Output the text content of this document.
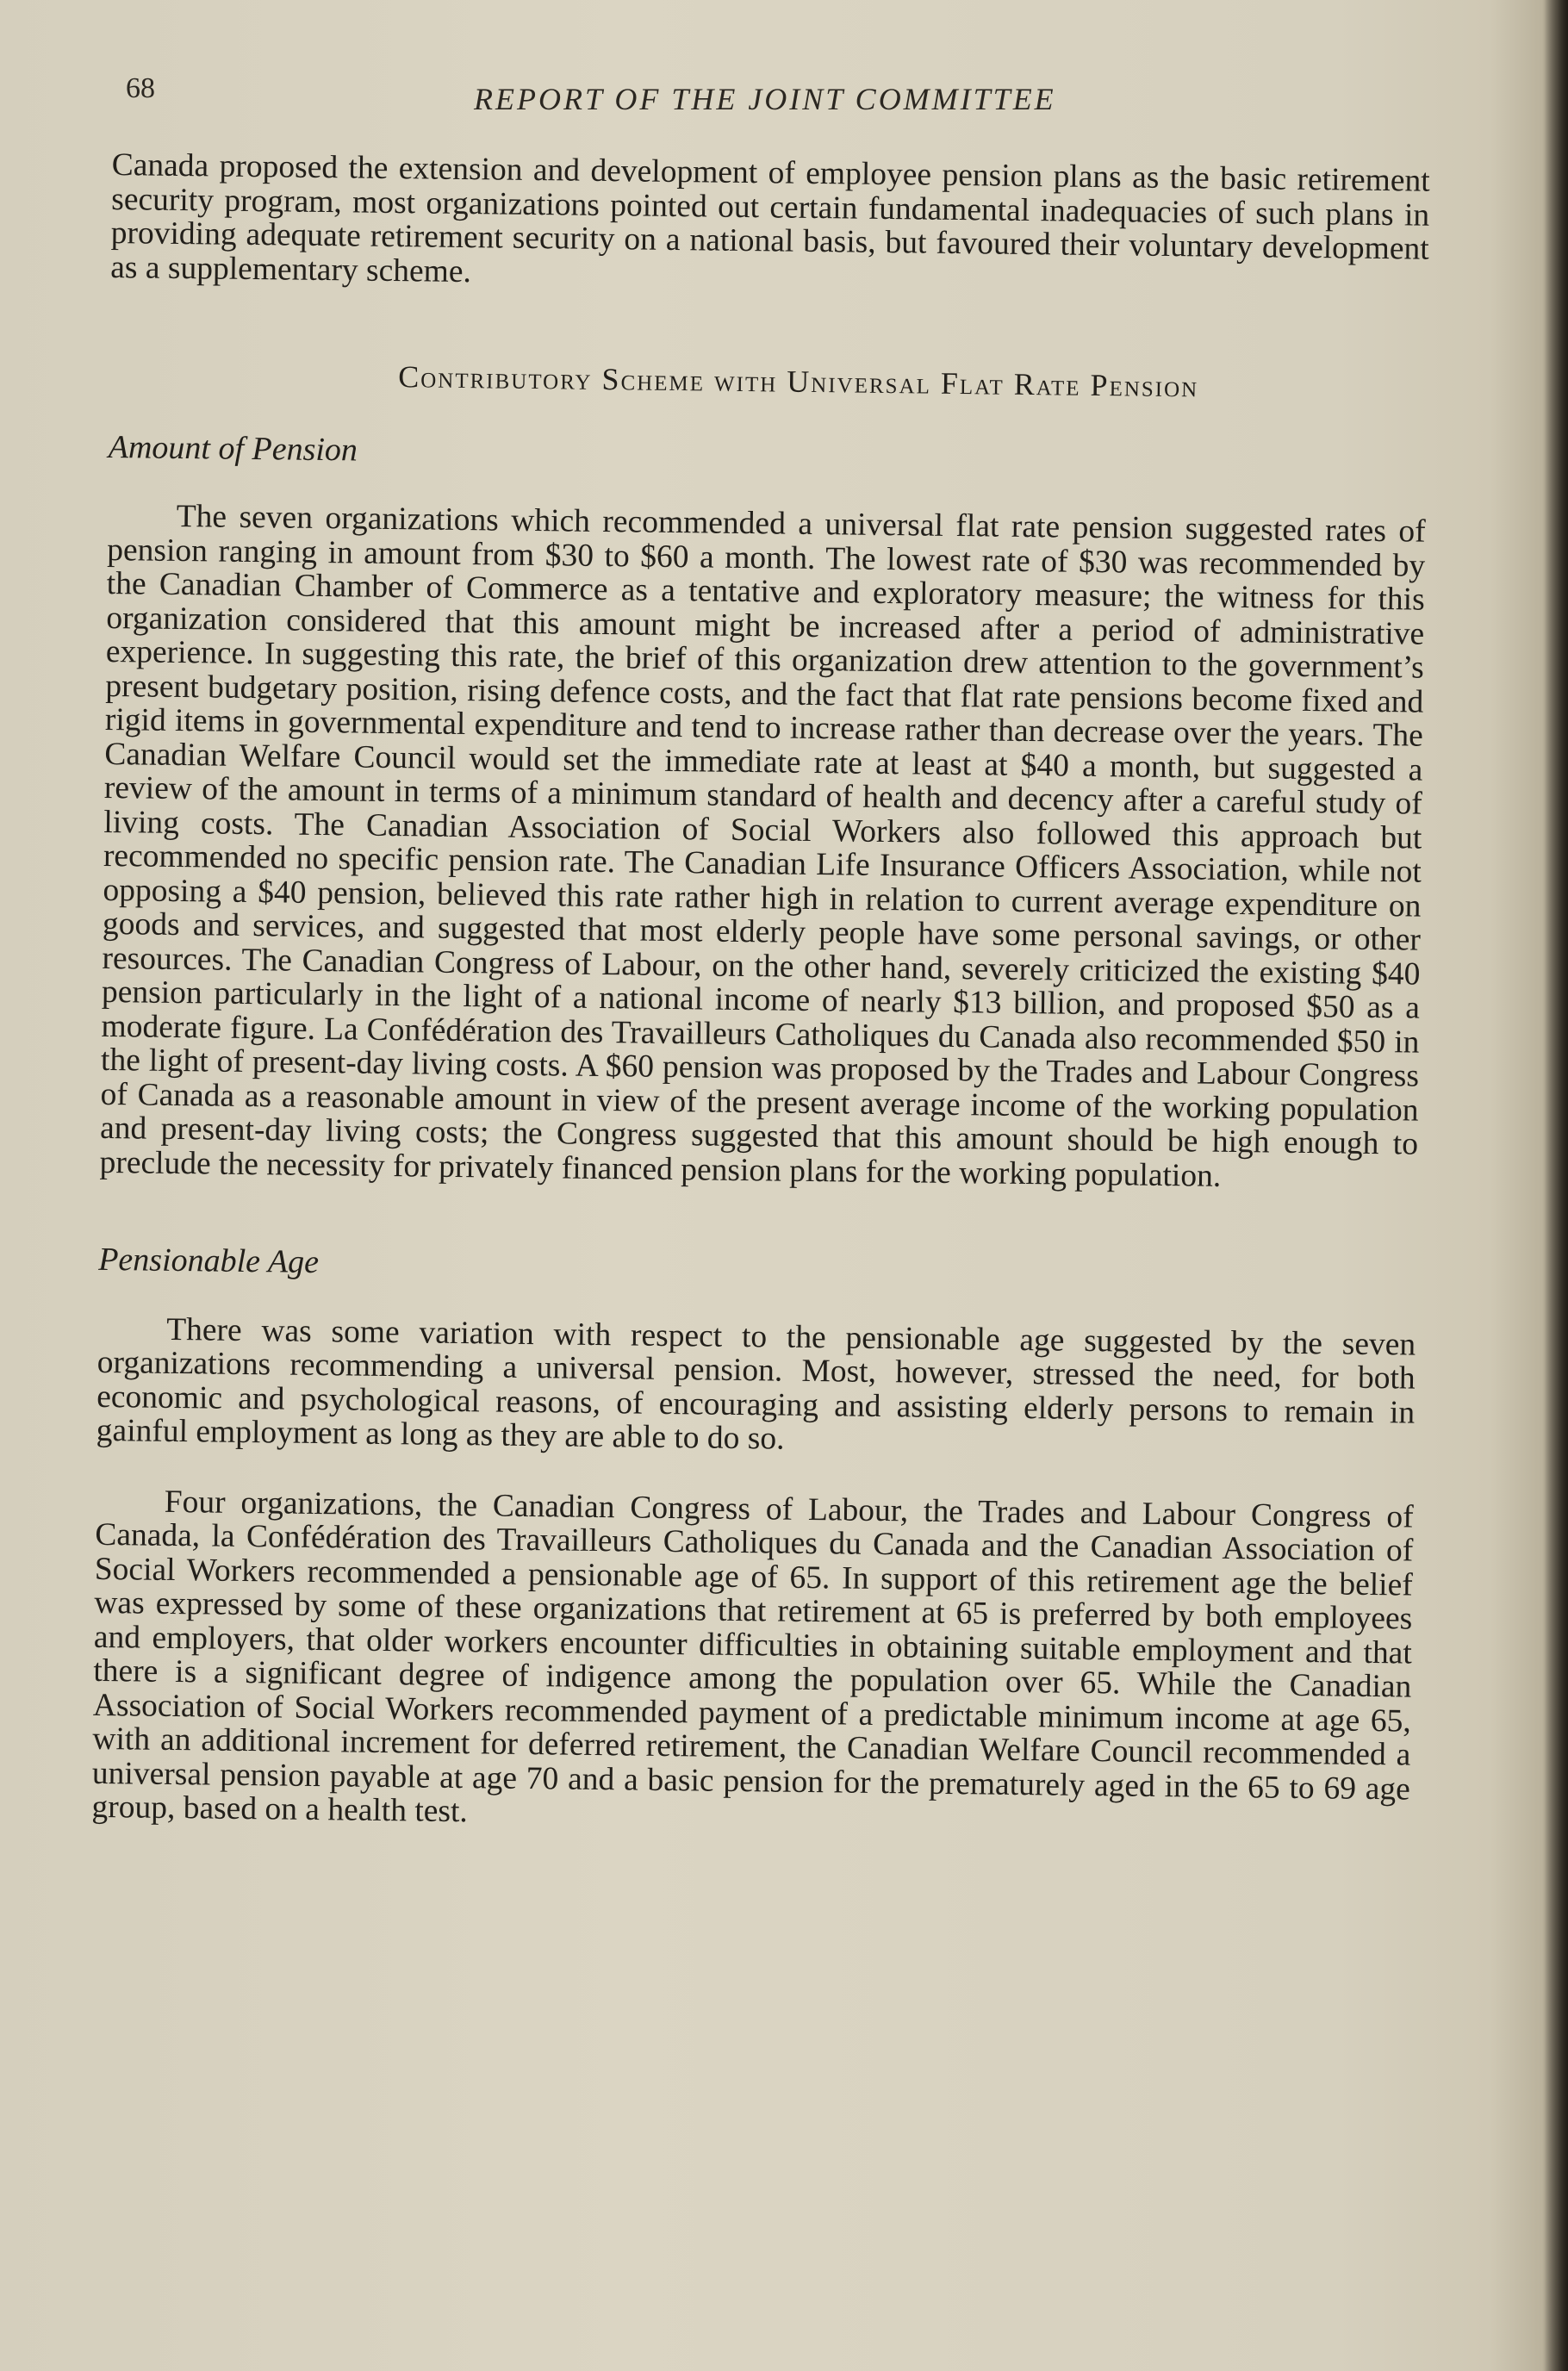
68	REPORT OF THE JOINT COMMITTEE

Canada proposed the extension and development of employee pension plans as the basic retirement security program, most organizations pointed out certain fundamental inadequacies of such plans in providing adequate retirement security on a national basis, but favoured their voluntary development as a supplementary scheme.

Contributory Scheme with Universal Flat Rate Pension
Amount of Pension

The seven organizations which recommended a universal flat rate pension suggested rates of pension ranging in amount from $30 to $60 a month. The lowest rate of $30 was recommended by the Canadian Chamber of Commerce as a tentative and exploratory measure; the witness for this organization considered that this amount might be increased after a period of administrative experience. In suggesting this rate, the brief of this organization drew attention to the government’s present budgetary position, rising defence costs, and the fact that flat rate pensions become fixed and rigid items in governmental expenditure and tend to increase rather than decrease over the years. The Canadian Welfare Council would set the immediate rate at least at $40 a month, but suggested a review of the amount in terms of a minimum standard of health and decency after a careful study of living costs. The Canadian Association of Social Workers also followed this approach but recommended no specific pension rate. The Canadian Life Insurance Officers Association, while not opposing a $40 pension, believed this rate rather high in relation to current average expenditure on goods and services, and suggested that most elderly people have some personal savings, or other resources. The Canadian Congress of Labour, on the other hand, severely criticized the existing $40 pension particularly in the light of a national income of nearly $13 billion, and proposed $50 as a moderate figure. La Confédération des Travailleurs Catholiques du Canada also recommended $50 in the light of present-day living costs. A $60 pension was proposed by the Trades and Labour Congress of Canada as a reasonable amount in view of the present average income of the working population and present-day living costs; the Congress suggested that this amount should be high enough to preclude the necessity for privately financed pension plans for the working population.

Pensionable Age

There was some variation with respect to the pensionable age suggested by the seven organizations recommending a universal pension. Most, however, stressed the need, for both economic and psychological reasons, of encouraging and assisting elderly persons to remain in gainful employment as long as they are able to do so.

Four organizations, the Canadian Congress of Labour, the Trades and Labour Congress of Canada, la Confédération des Travailleurs Catholiques du Canada and the Canadian Association of Social Workers recommended a pensionable age of 65. In support of this retirement age the belief was expressed by some of these organizations that retirement at 65 is preferred by both employees and employers, that older workers encounter difficulties in obtaining suitable employment and that there is a significant degree of indigence among the population over 65. While the Canadian Association of Social Workers recommended payment of a predictable minimum income at age 65, with an additional increment for deferred retirement, the Canadian Welfare Council recommended a universal pension payable at age 70 and a basic pension for the prematurely aged in the 65 to 69 age group, based on a health test.
